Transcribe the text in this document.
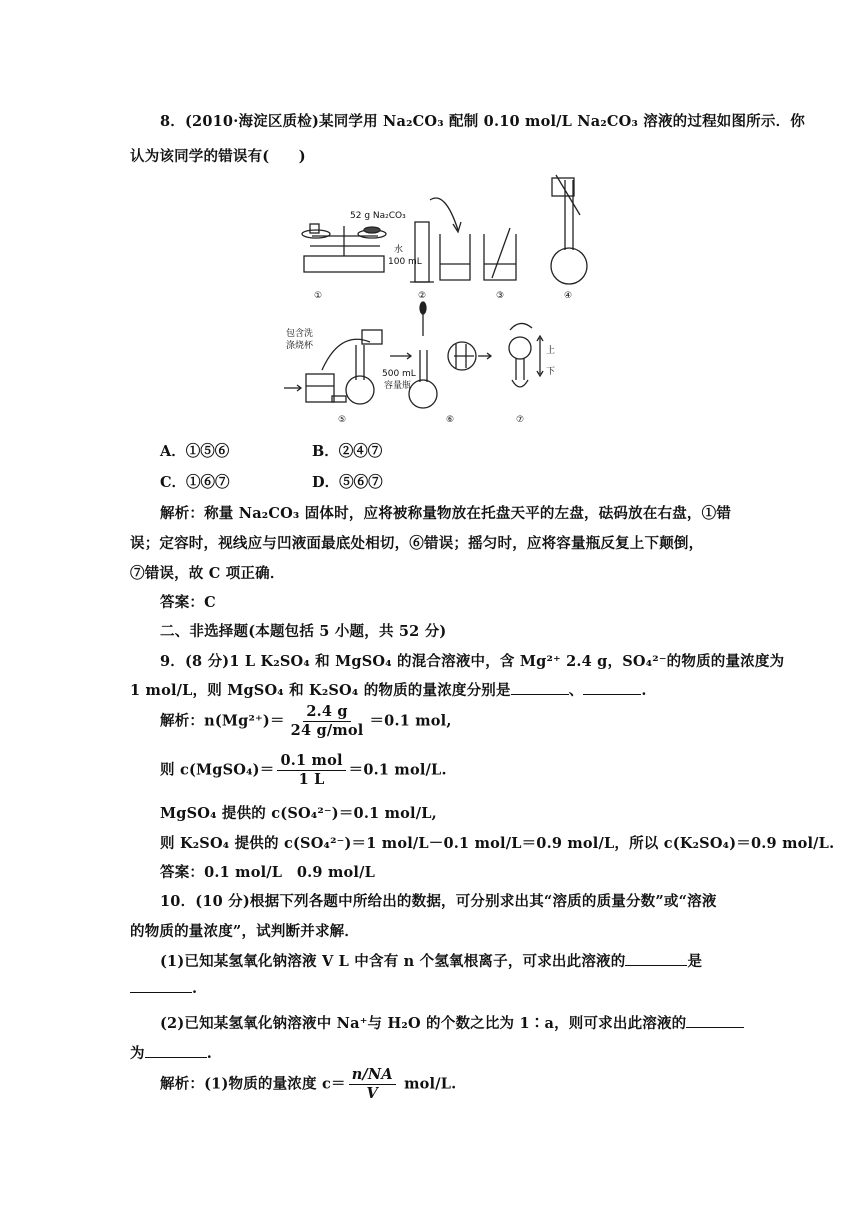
8．(2010·海淀区质检)某同学用 Na₂CO₃ 配制 0.10 mol/L Na₂CO₃ 溶液的过程如图所示．你
认为该同学的错误有(　　)
52 g Na₂CO₃
水
100 mL
包含洗
涤烧杯
500 mL
容量瓶
上
下
①	②	③	④
⑤	⑥	⑦
A．①⑤⑥	B．②④⑦
C．①⑥⑦	D．⑤⑥⑦
解析：称量 Na₂CO₃ 固体时，应将被称量物放在托盘天平的左盘，砝码放在右盘，①错
误；定容时，视线应与凹液面最底处相切，⑥错误；摇匀时，应将容量瓶反复上下颠倒，
⑦错误，故 C 项正确．
答案：C
二、非选择题(本题包括 5 小题，共 52 分)
9．(8 分)1 L K₂SO₄ 和 MgSO₄ 的混合溶液中，含 Mg²⁺ 2.4 g，SO₄²⁻的物质的量浓度为
1 mol/L，则 MgSO₄ 和 K₂SO₄ 的物质的量浓度分别是	、	.
解析：$n(Mg^{2+})= \frac{2.4 g}{\text{24 g/mol}} =0.1$ mol,
则 c(MgSO₄)＝ $\frac{\text{0.1 mol}}{1 L} =0.1$ mol/L.
MgSO₄ 提供的 c(SO₄²⁻)＝0.1 mol/L,
则 K₂SO₄ 提供的 c(SO₄²⁻)＝1 mol/L－0.1 mol/L＝0.9 mol/L，所以 c(K₂SO₄)＝0.9 mol/L.
答案：0.1 mol/L　0.9 mol/L
10．(10 分)根据下列各题中所给出的数据，可分别求出其“溶质的质量分数”或“溶液
的物质的量浓度”，试判断并求解．
(1)已知某氢氧化钠溶液 V L 中含有 n 个氢氧根离子，可求出此溶液的	是
.
(2)已知某氢氧化钠溶液中 Na⁺与 H₂O 的个数之比为 1∶a，则可求出此溶液的
为	.
解析：(1)物质的量浓度 $c= \frac{n/NA}{V} mol/L$.
